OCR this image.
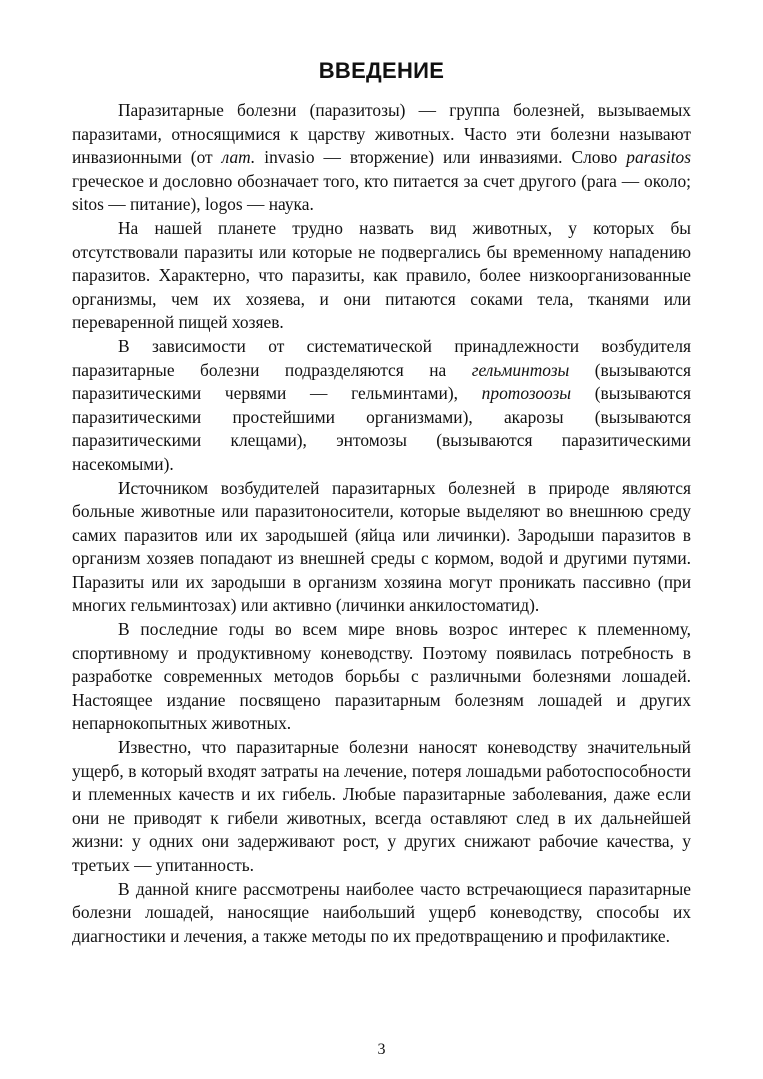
ВВЕДЕНИЕ

Паразитарные болезни (паразитозы) — группа болезней, вызываемых паразитами, относящимися к царству животных. Часто эти болезни называют инвазионными (от лат. invasio — вторжение) или инвазиями. Слово parasitos греческое и дословно обозначает того, кто питается за счет другого (para — около; sitos — питание), logos — наука.

На нашей планете трудно назвать вид животных, у которых бы отсутствовали паразиты или которые не подвергались бы временному нападению паразитов. Характерно, что паразиты, как правило, более низкоорганизованные организмы, чем их хозяева, и они питаются соками тела, тканями или переваренной пищей хозяев.

В зависимости от систематической принадлежности возбудителя паразитарные болезни подразделяются на гельминтозы (вызываются паразитическими червями — гельминтами), протозоозы (вызываются паразитическими простейшими организмами), акарозы (вызываются паразитическими клещами), энтомозы (вызываются паразитическими насекомыми).

Источником возбудителей паразитарных болезней в природе являются больные животные или паразитоносители, которые выделяют во внешнюю среду самих паразитов или их зародышей (яйца или личинки). Зародыши паразитов в организм хозяев попадают из внешней среды с кормом, водой и другими путями. Паразиты или их зародыши в организм хозяина могут проникать пассивно (при многих гельминтозах) или активно (личинки анкилостоматид).

В последние годы во всем мире вновь возрос интерес к племенному, спортивному и продуктивному коневодству. Поэтому появилась потребность в разработке современных методов борьбы с различными болезнями лошадей. Настоящее издание посвящено паразитарным болезням лошадей и других непарнокопытных животных.

Известно, что паразитарные болезни наносят коневодству значительный ущерб, в который входят затраты на лечение, потеря лошадьми работоспособности и племенных качеств и их гибель. Любые паразитарные заболевания, даже если они не приводят к гибели животных, всегда оставляют след в их дальнейшей жизни: у одних они задерживают рост, у других снижают рабочие качества, у третьих — упитанность.

В данной книге рассмотрены наиболее часто встречающиеся паразитарные болезни лошадей, наносящие наибольший ущерб коневодству, способы их диагностики и лечения, а также методы по их предотвращению и профилактике.

3
